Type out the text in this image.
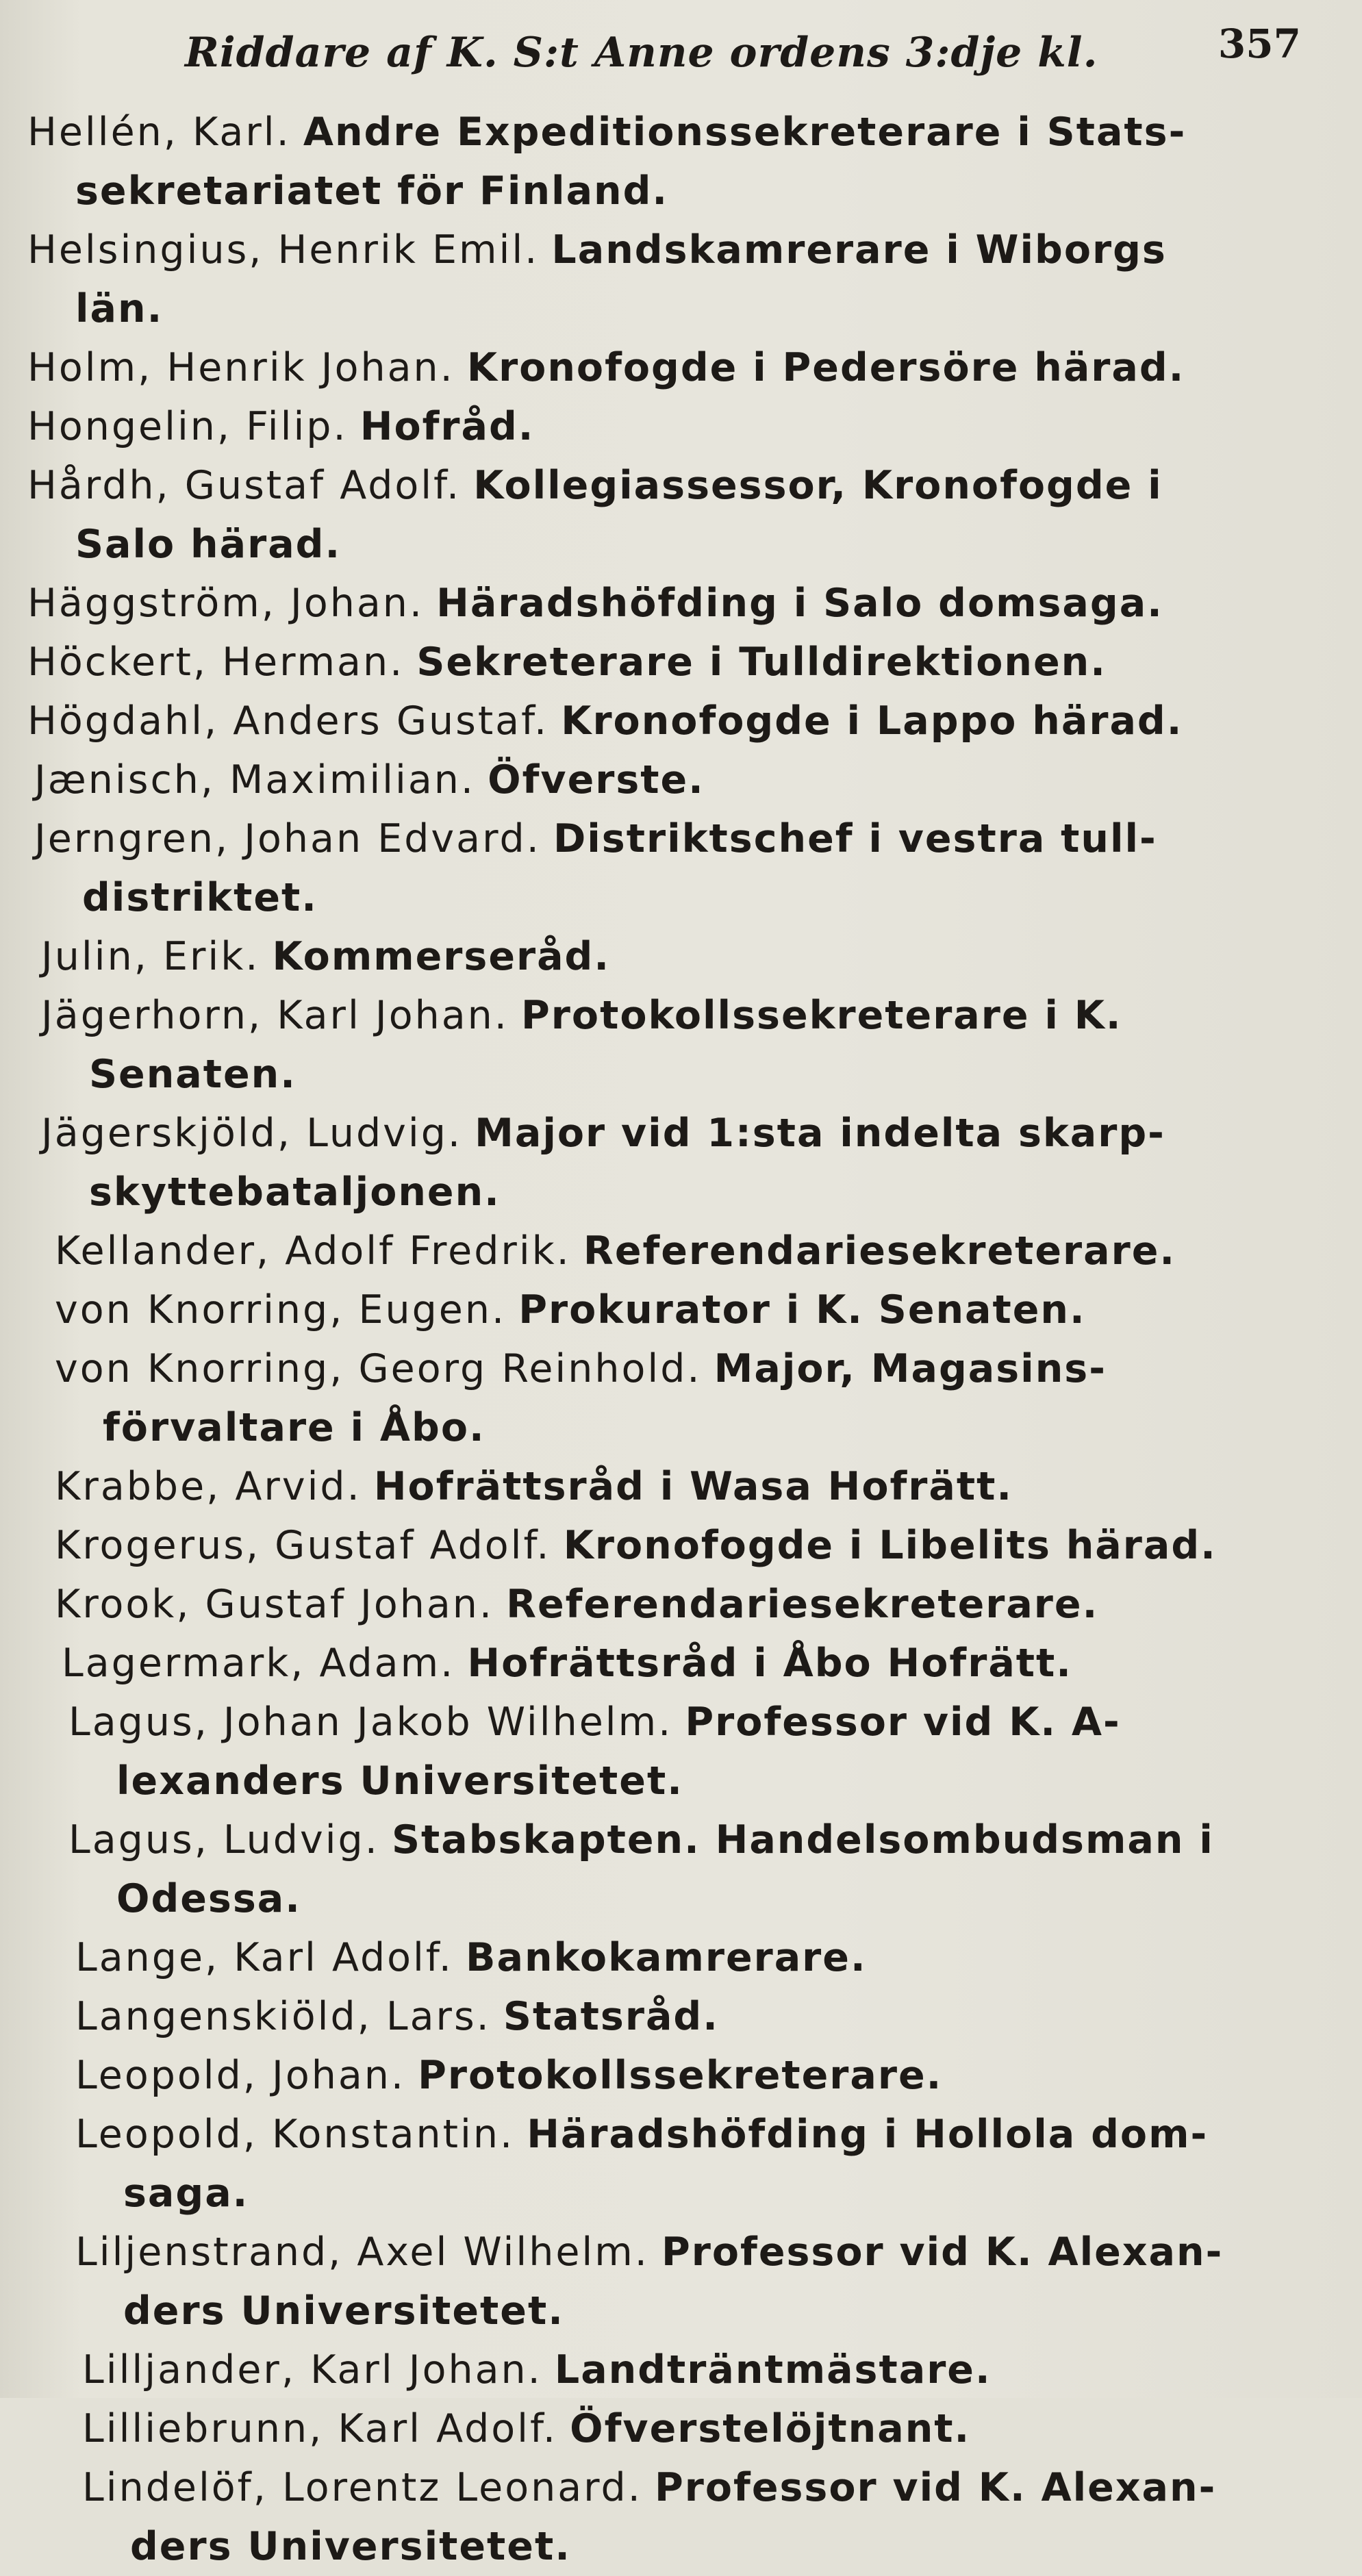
Riddare af K. S:t Anne ordens 3:dje kl.	357
Hellén, Karl. Andre Expeditionssekreterare i Stats-
sekretariatet för Finland.
Helsingius, Henrik Emil. Landskamrerare i Wiborgs
län.
Holm, Henrik Johan. Kronofogde i Pedersöre härad.
Hongelin, Filip. Hofråd.
Hårdh, Gustaf Adolf. Kollegiassessor, Kronofogde i
Salo härad.
Häggström, Johan. Häradshöfding i Salo domsaga.
Höckert, Herman. Sekreterare i Tulldirektionen.
Högdahl, Anders Gustaf. Kronofogde i Lappo härad.
Jænisch, Maximilian. Öfverste.
Jerngren, Johan Edvard. Distriktschef i vestra tull-
distriktet.
Julin, Erik. Kommerseråd.
Jägerhorn, Karl Johan. Protokollssekreterare i K.
Senaten.
Jägerskjöld, Ludvig. Major vid 1:sta indelta skarp-
skyttebataljonen.
Kellander, Adolf Fredrik. Referendariesekreterare.
von Knorring, Eugen. Prokurator i K. Senaten.
von Knorring, Georg Reinhold. Major, Magasins-
förvaltare i Åbo.
Krabbe, Arvid. Hofrättsråd i Wasa Hofrätt.
Krogerus, Gustaf Adolf. Kronofogde i Libelits härad.
Krook, Gustaf Johan. Referendariesekreterare.
Lagermark, Adam. Hofrättsråd i Åbo Hofrätt.
Lagus, Johan Jakob Wilhelm. Professor vid K. A-
lexanders Universitetet.
Lagus, Ludvig. Stabskapten. Handelsombudsman i
Odessa.
Lange, Karl Adolf. Bankokamrerare.
Langenskiöld, Lars. Statsråd.
Leopold, Johan. Protokollssekreterare.
Leopold, Konstantin. Häradshöfding i Hollola dom-
saga.
Liljenstrand, Axel Wilhelm. Professor vid K. Alexan-
ders Universitetet.
Lilljander, Karl Johan. Landträntmästare.
Lilliebrunn, Karl Adolf. Öfverstelöjtnant.
Lindelöf, Lorentz Leonard. Professor vid K. Alexan-
ders Universitetet.
